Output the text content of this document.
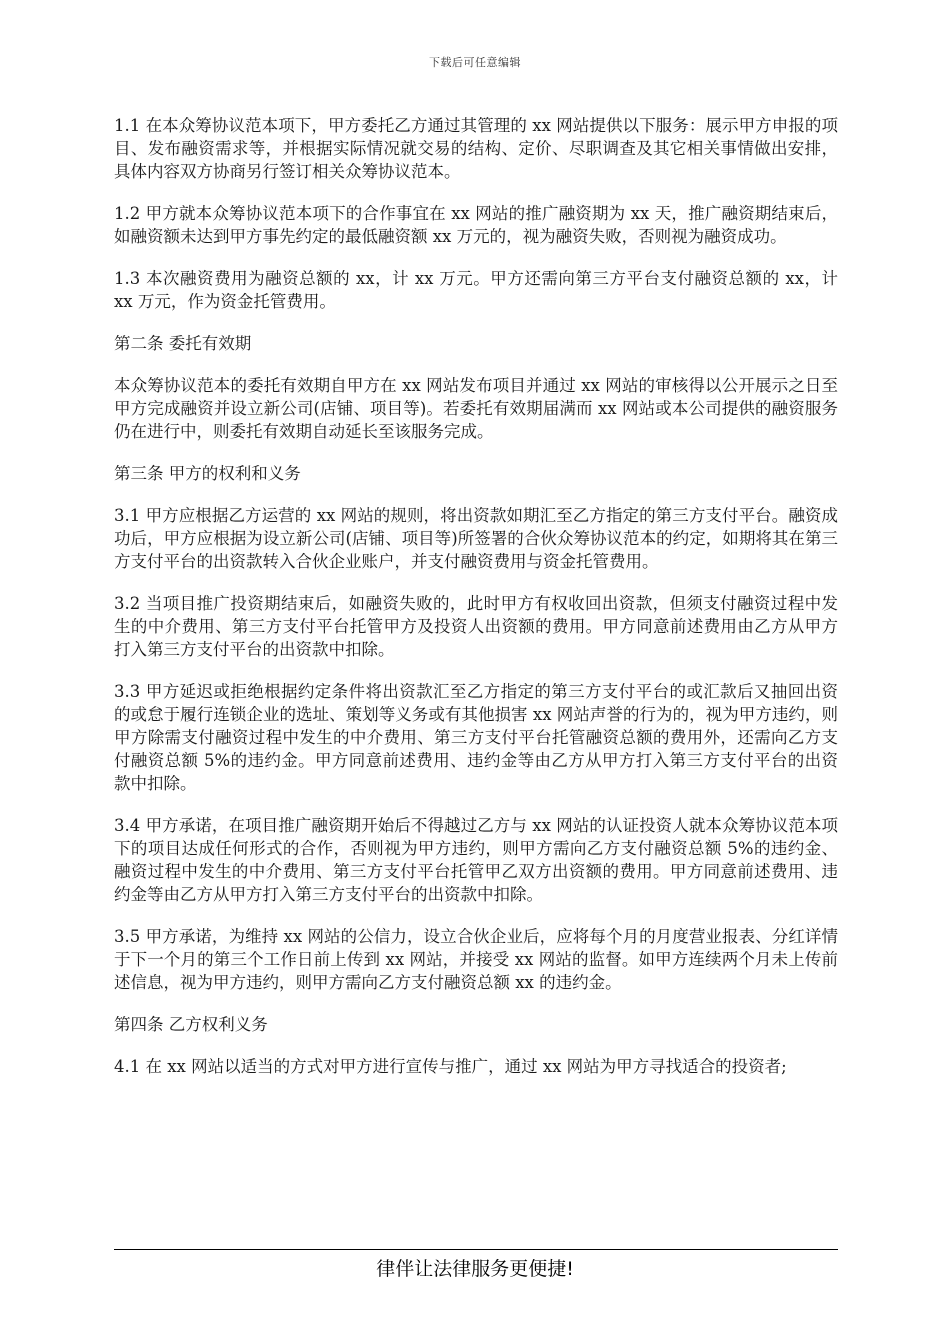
下载后可任意编辑

1.1 在本众筹协议范本项下，甲方委托乙方通过其管理的 xx 网站提供以下服务：展示甲方申报的项目、发布融资需求等，并根据实际情况就交易的结构、定价、尽职调查及其它相关事情做出安排，具体内容双方协商另行签订相关众筹协议范本。

1.2 甲方就本众筹协议范本项下的合作事宜在 xx 网站的推广融资期为 xx 天，推广融资期结束后，如融资额未达到甲方事先约定的最低融资额 xx 万元的，视为融资失败，否则视为融资成功。

1.3 本次融资费用为融资总额的 xx，计 xx 万元。甲方还需向第三方平台支付融资总额的 xx，计 xx 万元，作为资金托管费用。

第二条 委托有效期

本众筹协议范本的委托有效期自甲方在 xx 网站发布项目并通过 xx 网站的审核得以公开展示之日至甲方完成融资并设立新公司(店铺、项目等)。若委托有效期届满而 xx 网站或本公司提供的融资服务仍在进行中，则委托有效期自动延长至该服务完成。

第三条 甲方的权利和义务

3.1 甲方应根据乙方运营的 xx 网站的规则，将出资款如期汇至乙方指定的第三方支付平台。融资成功后，甲方应根据为设立新公司(店铺、项目等)所签署的合伙众筹协议范本的约定，如期将其在第三方支付平台的出资款转入合伙企业账户，并支付融资费用与资金托管费用。

3.2 当项目推广投资期结束后，如融资失败的，此时甲方有权收回出资款，但须支付融资过程中发生的中介费用、第三方支付平台托管甲方及投资人出资额的费用。甲方同意前述费用由乙方从甲方打入第三方支付平台的出资款中扣除。

3.3 甲方延迟或拒绝根据约定条件将出资款汇至乙方指定的第三方支付平台的或汇款后又抽回出资的或怠于履行连锁企业的选址、策划等义务或有其他损害 xx 网站声誉的行为的，视为甲方违约，则甲方除需支付融资过程中发生的中介费用、第三方支付平台托管融资总额的费用外，还需向乙方支付融资总额 5%的违约金。甲方同意前述费用、违约金等由乙方从甲方打入第三方支付平台的出资款中扣除。

3.4 甲方承诺，在项目推广融资期开始后不得越过乙方与 xx 网站的认证投资人就本众筹协议范本项下的项目达成任何形式的合作，否则视为甲方违约，则甲方需向乙方支付融资总额 5%的违约金、融资过程中发生的中介费用、第三方支付平台托管甲乙双方出资额的费用。甲方同意前述费用、违约金等由乙方从甲方打入第三方支付平台的出资款中扣除。

3.5 甲方承诺，为维持 xx 网站的公信力，设立合伙企业后，应将每个月的月度营业报表、分红详情于下一个月的第三个工作日前上传到 xx 网站，并接受 xx 网站的监督。如甲方连续两个月未上传前述信息，视为甲方违约，则甲方需向乙方支付融资总额 xx 的违约金。

第四条 乙方权利义务

4.1 在 xx 网站以适当的方式对甲方进行宣传与推广，通过 xx 网站为甲方寻找适合的投资者;

律伴让法律服务更便捷!
